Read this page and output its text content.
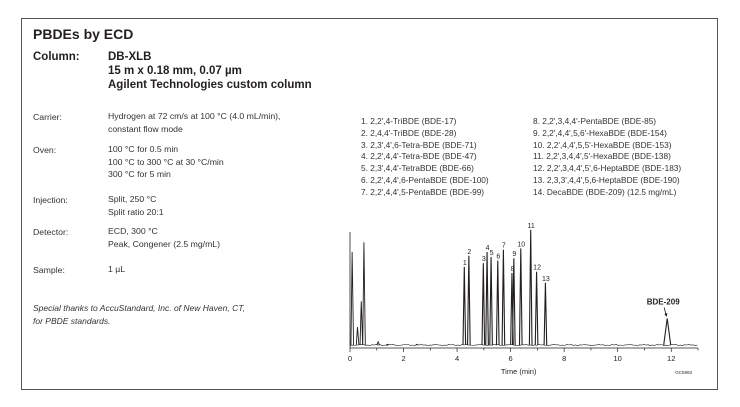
PBDEs by ECD
Column: DB-XLB
15 m x 0.18 mm, 0.07 µm
Agilent Technologies custom column
Carrier:	Hydrogen at 72 cm/s at 100 °C (4.0 mL/min),
constant flow mode
Oven:	100 °C for 0.5 min
100 °C to 300 °C at 30 °C/min
300 °C for 5 min
Injection:	Split, 250 °C
Split ratio 20:1
Detector:	ECD, 300 °C
Peak, Congener (2.5 mg/mL)
Sample:	1 µL
Special thanks to AccuStandard, Inc. of New Haven, CT,
for PBDE standards.
1. 2,2',4-TriBDE (BDE-17)
2. 2,4,4'-TriBDE (BDE-28)
3. 2,3',4',6-Tetra-BDE (BDE-71)
4. 2,2',4,4'-Tetra-BDE (BDE-47)
5. 2,3',4,4'-TetraBDE (BDE-66)
6. 2,2',4,4',6-PentaBDE (BDE-100)
7. 2,2',4,4',5-PentaBDE (BDE-99)
8. 2,2',3,4,4'-PentaBDE (BDE-85)
9. 2,2',4,4',5,6'-HexaBDE (BDE-154)
10. 2,2',4,4',5,5'-HexaBDE (BDE-153)
11. 2,2',3,4,4',5'-HexaBDE (BDE-138)
12. 2,2',3,4,4',5',6-HeptaBDE (BDE-183)
13. 2,3,3',4,4',5,6-HeptaBDE (BDE-190)
14. DecaBDE (BDE-209) (12.5 mg/mL)
0	2	4	6	8	10	12
Time (min)	GC5983
1
2
3
4
5
6
7
8
9
10
11
12
13
BDE-209
